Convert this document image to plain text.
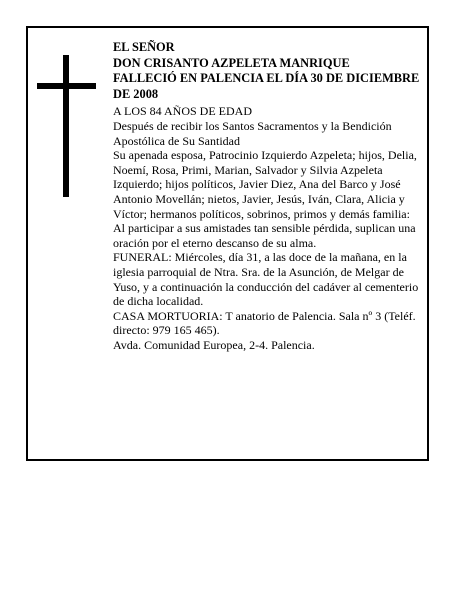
EL SEÑOR

DON CRISANTO AZPELETA MANRIQUE

FALLECIÓ EN PALENCIA EL DÍA 30 DE DICIEMBRE DE 2008

A LOS 84 AÑOS DE EDAD

Después de recibir los Santos Sacramentos y la Bendición Apostólica de Su Santidad

Su apenada esposa, Patrocinio Izquierdo Azpeleta; hijos, Delia, Noemí, Rosa, Primi, Marian, Salvador y Silvia Azpeleta Izquierdo; hijos políticos, Javier Diez, Ana del Barco y José Antonio Movellán; nietos, Javier, Jesús, Iván, Clara, Alicia y Víctor; hermanos políticos, sobrinos, primos y demás familia:

Al participar a sus amistades tan sensible pérdida, suplican una oración por el eterno descanso de su alma.

FUNERAL: Miércoles, día 31, a las doce de la mañana, en la iglesia parroquial de Ntra. Sra. de la Asunción, de Melgar de Yuso, y a continuación la conducción del cadáver al cementerio de dicha localidad.

CASA MORTUORIA: T anatorio de Palencia. Sala nº 3 (Teléf. directo: 979 165 465).

Avda. Comunidad Europea, 2-4. Palencia.
